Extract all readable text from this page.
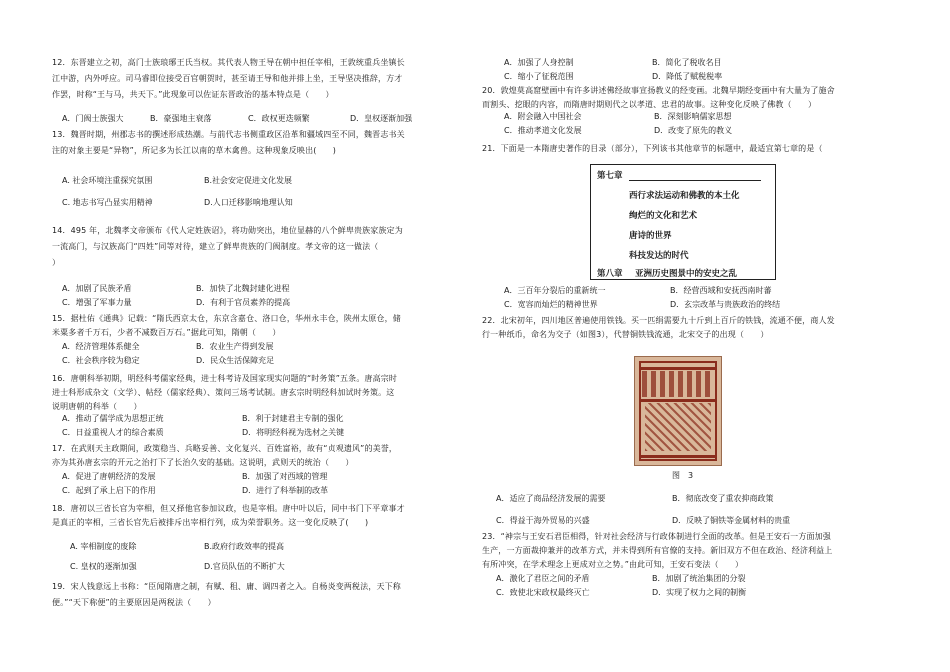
12．东晋建立之初，高门士族琅琊王氏当权。其代表人物王导在朝中担任宰相，王敦统重兵坐镇长
江中游，内外呼应。司马睿即位接受百官朝贺时，甚至请王导和他并排上坐，王导坚决推辞，方才
作罢，时称“王与马，共天下。”此现象可以佐证东晋政治的基本特点是（　　）
A．门阀士族强大	B．豪强地主衰落	C．政权更迭频繁	D．皇权逐渐加强
13．魏晋时期，州郡志书的撰述形成热潮。与前代志书侧重政区沿革和疆域四至不同，魏晋志书关
注的对象主要是“异物”，所记多为长江以南的草木禽兽。这种现象反映出(　　)
A. 社会环境注重探究氛围	B.社会安定促进文化发展
C. 地志书写凸显实用精神	D.人口迁移影响地理认知
14．495 年，北魏孝文帝颁布《代人定姓族诏》，将功勋突出，地位显赫的八个鲜卑贵族家族定为
一流高门，与汉族高门“四姓”同等对待，建立了鲜卑贵族的门阀制度。孝文帝的这一做法（
）
A．加剧了民族矛盾	B．加快了北魏封建化进程
C．增强了军事力量	D．有利于官员素养的提高
15．据杜佑《通典》记载：“隋氏西京太仓，东京含嘉仓、洛口仓，华州永丰仓，陕州太原仓，储
米粟多者千万石，少者不减数百万石。”据此可知，隋朝（　　）
A．经济管理体系健全	B．农业生产得到发展
C．社会秩序较为稳定	D．民众生活保障充足
16．唐朝科举初期，明经科考儒家经典，进士科考诗及国家现实问题的“时务策”五条。唐高宗时
进士科形成杂文（文学）、帖经（儒家经典）、策问三场考试制。唐玄宗时明经科加试时务策。这
说明唐朝的科举（　　）
A．推动了儒学成为思想正统	B．利于封建君主专制的强化
C．日益重视人才的综合素质	D．将明经科视为选材之关键
17．在武则天主政期间，政策稳当、兵略妥善、文化复兴、百姓富裕，故有“贞观遗风”的美誉，
亦为其孙唐玄宗的开元之治打下了长治久安的基础。这说明，武则天的统治（　　）
A．促进了唐朝经济的发展	B．加强了对西域的管理
C．起到了承上启下的作用	D．进行了科举制的改革
18．唐初以三省长官为宰相，但又择他官参加议政，也是宰相。唐中叶以后，同中书门下平章事才
是真正的宰相，三省长官先后被排斥出宰相行列，成为荣誉职务。这一变化反映了(　　)
A. 宰相制度的废除	B.政府行政效率的提高
C. 皇权的逐渐加强	D.官员队伍的不断扩大
19．宋人钱意远上书称：“臣闻隋唐之制，有赋、租、庸、调四者之入。自杨炎变两税法，天下称
便。”“天下称便”的主要原因是两税法（　　）
A．加强了人身控制	B．简化了税收名目
C．缩小了征税范围	D．降低了赋税税率
20．敦煌莫高窟壁画中有许多讲述佛经故事宣扬教义的经变画。北魏早期经变画中有大量为了施舍
而割头、挖眼的内容，而隋唐时期则代之以孝道、忠君的故事。这种变化反映了佛教（　　）
A．附会融入中国社会	B．深刻影响儒家思想
C．推动孝道文化发展	D．改变了原先的教义
21．下面是一本隋唐史著作的目录（部分），下列该书其他章节的标题中，最适宜第七章的是（
第七章
西行求法运动和佛教的本土化
绚烂的文化和艺术
唐诗的世界
科技发达的时代
第八章 亚洲历史图景中的安史之乱
A．三百年分裂后的重新统一	B．经营西域和安抚西南时蕃
C．宽容而灿烂的精神世界	D．玄宗改革与贵族政治的终结
22．北宋初年，四川地区普遍使用铁钱。买一匹绢需要九十斤到上百斤的铁钱，流通不便，商人发
行一种纸币，命名为交子（如图3），代替铜铁钱流通，北宋交子的出现（　　）
图　3
A．适应了商品经济发展的需要	B．彻底改变了重农抑商政策
C．得益于海外贸易的兴盛	D．反映了铜铁等金属材料的贵重
23．“神宗与王安石君臣相得，针对社会经济与行政体制进行全面的改革。但是王安石一方面加强
生产，一方面裁抑兼并的改革方式，并未得到所有官僚的支持。新旧双方不但在政治、经济利益上
有所冲突，在学术理念上更成对立之势。”由此可知，王安石变法（　　）
A．激化了君臣之间的矛盾	B．加剧了统治集团的分裂
C．致使北宋政权最终灭亡	D．实现了权力之间的制衡
